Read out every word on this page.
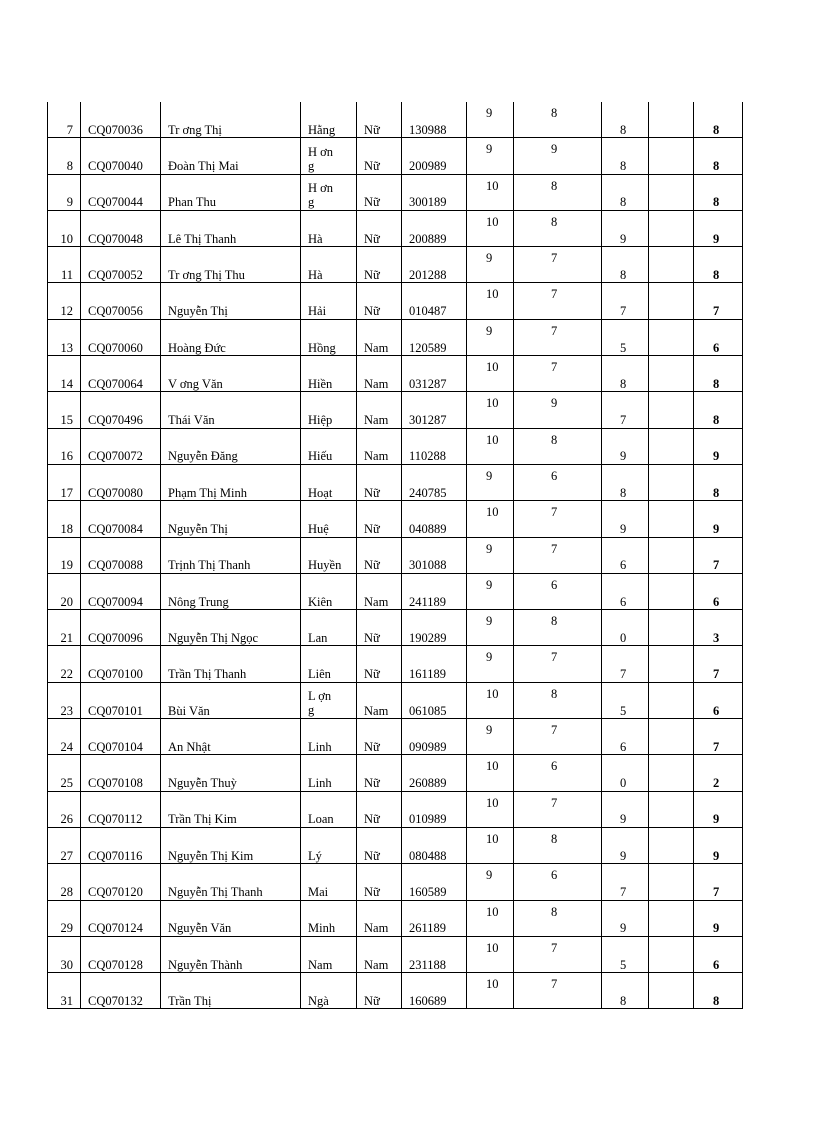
7	CQ070036	Tr ơng Thị	Hằng	Nữ	130988	9	8	8		8	
8	CQ070040	Đoàn Thị Mai	H ơn g	Nữ	200989	9	9	8		8	
9	CQ070044	Phan Thu	H ơn g	Nữ	300189	10	8	8		8	
10	CQ070048	Lê Thị Thanh	Hà	Nữ	200889	10	8	9		9	
11	CQ070052	Tr ơng Thị Thu	Hà	Nữ	201288	9	7	8		8	
12	CQ070056	Nguyễn Thị	Hải	Nữ	010487	10	7	7		7	
13	CQ070060	Hoàng Đức	Hồng	Nam	120589	9	7	5		6	
14	CQ070064	V ơng Văn	Hiền	Nam	031287	10	7	8		8	
15	CQ070496	Thái Văn	Hiệp	Nam	301287	10	9	7		8	
16	CQ070072	Nguyễn Đăng	Hiếu	Nam	110288	10	8	9		9	
17	CQ070080	Phạm Thị Minh	Hoạt	Nữ	240785	9	6	8		8	
18	CQ070084	Nguyễn Thị	Huệ	Nữ	040889	10	7	9		9	
19	CQ070088	Trịnh Thị Thanh	Huyền	Nữ	301088	9	7	6		7	
20	CQ070094	Nông Trung	Kiên	Nam	241189	9	6	6		6	
21	CQ070096	Nguyễn Thị Ngọc	Lan	Nữ	190289	9	8	0		3	
22	CQ070100	Trần Thị Thanh	Liên	Nữ	161189	9	7	7		7	
23	CQ070101	Bùi Văn	L ợn g	Nam	061085	10	8	5		6	
24	CQ070104	An Nhật	Linh	Nữ	090989	9	7	6		7	
25	CQ070108	Nguyễn Thuỳ	Linh	Nữ	260889	10	6	0		2	
26	CQ070112	Trần Thị Kim	Loan	Nữ	010989	10	7	9		9	
27	CQ070116	Nguyễn Thị Kim	Lý	Nữ	080488	10	8	9		9	
28	CQ070120	Nguyễn Thị Thanh	Mai	Nữ	160589	9	6	7		7	
29	CQ070124	Nguyễn Văn	Minh	Nam	261189	10	8	9		9	
30	CQ070128	Nguyễn Thành	Nam	Nam	231188	10	7	5		6	
31	CQ070132	Trần Thị	Ngà	Nữ	160689	10	7	8		8	
